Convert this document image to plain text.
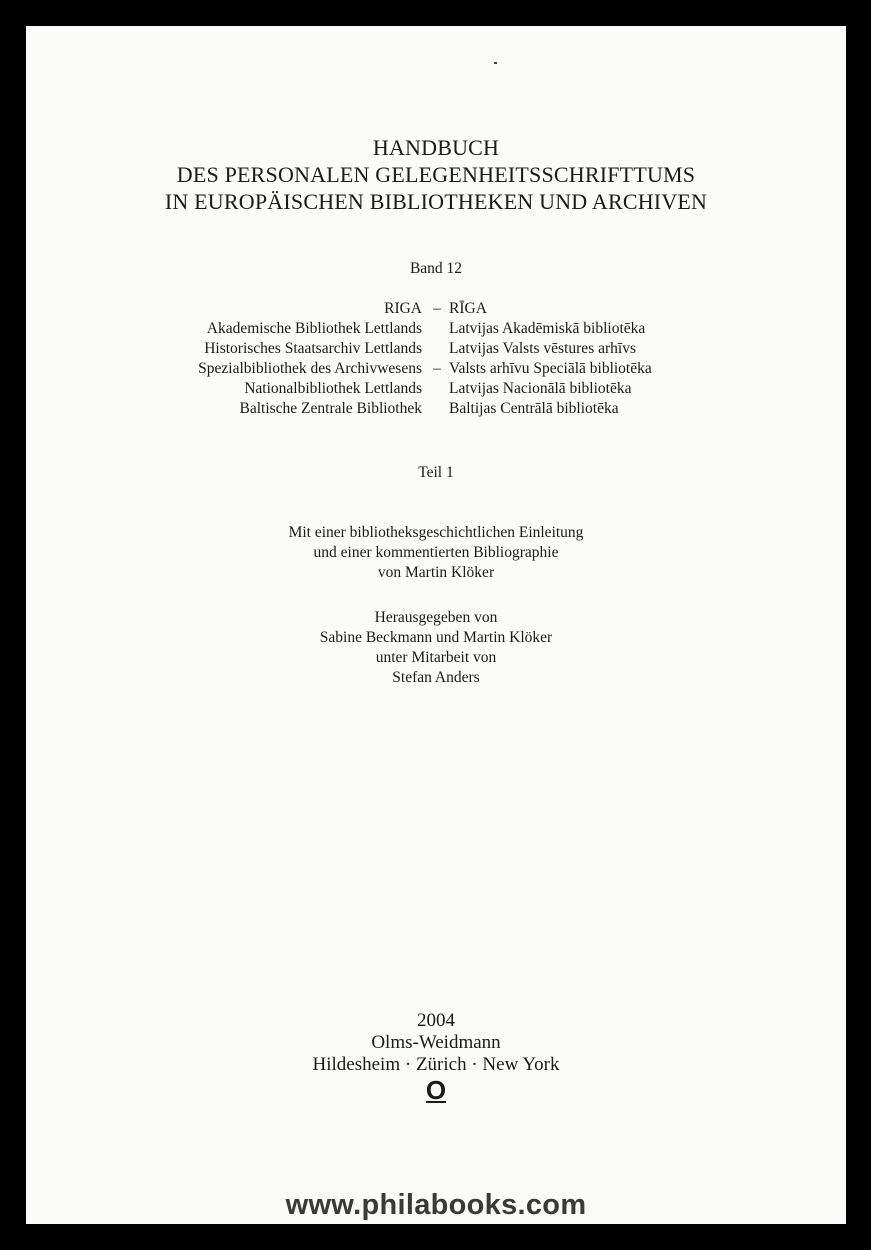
HANDBUCH
DES PERSONALEN GELEGENHEITSSCHRIFTTUMS
IN EUROPÄISCHEN BIBLIOTHEKEN UND ARCHIVEN
Band 12
RIGA – RĪGA
Akademische Bibliothek Lettlands Latvijas Akadēmiskā bibliotēka
Historisches Staatsarchiv Lettlands Latvijas Valsts vēstures arhīvs
Spezialbibliothek des Archivwesens – Valsts arhīvu Speciālā bibliotēka
Nationalbibliothek Lettlands Latvijas Nacionālā bibliotēka
Baltische Zentrale Bibliothek Baltijas Centrālā bibliotēka
Teil 1
Mit einer bibliotheksgeschichtlichen Einleitung
und einer kommentierten Bibliographie
von Martin Klöker
Herausgegeben von
Sabine Beckmann und Martin Klöker
unter Mitarbeit von
Stefan Anders
2004
Olms-Weidmann
Hildesheim · Zürich · New York
O
www.philabooks.com
